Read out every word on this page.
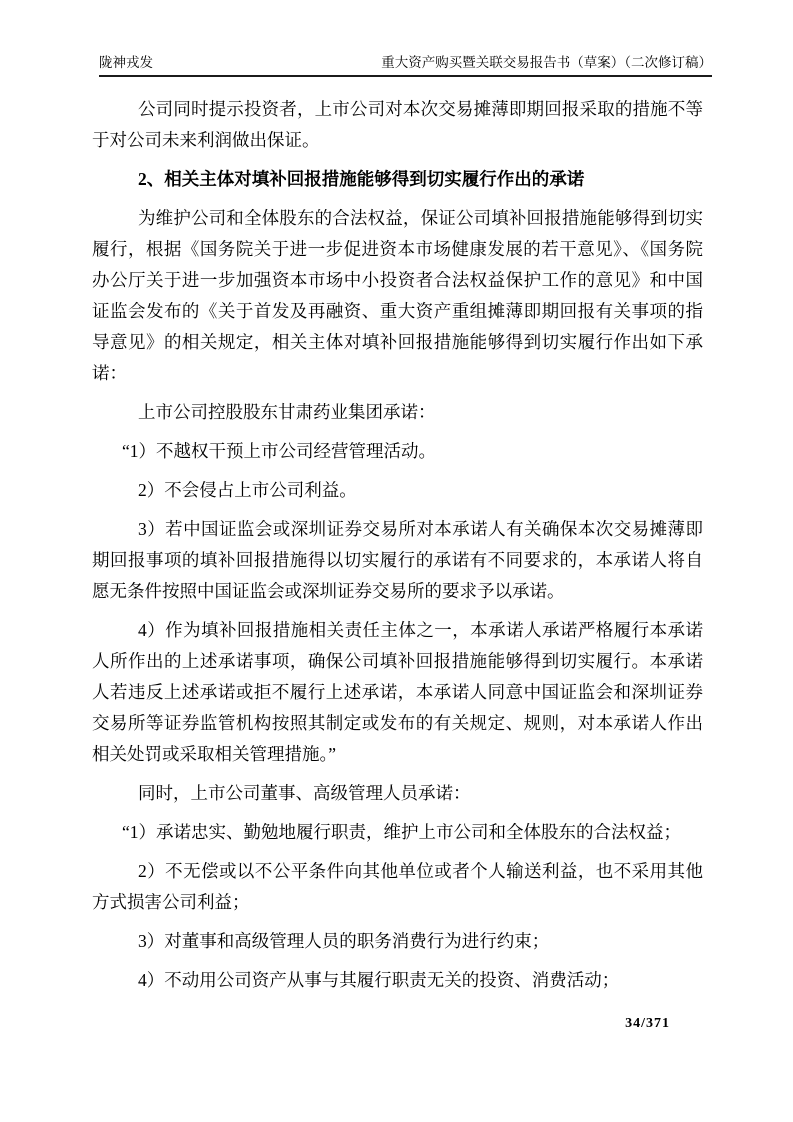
陇神戎发	重大资产购买暨关联交易报告书（草案）（二次修订稿）

公司同时提示投资者，上市公司对本次交易摊薄即期回报采取的措施不等于对公司未来利润做出保证。

2、相关主体对填补回报措施能够得到切实履行作出的承诺

为维护公司和全体股东的合法权益，保证公司填补回报措施能够得到切实履行，根据《国务院关于进一步促进资本市场健康发展的若干意见》、《国务院办公厅关于进一步加强资本市场中小投资者合法权益保护工作的意见》和中国证监会发布的《关于首发及再融资、重大资产重组摊薄即期回报有关事项的指导意见》的相关规定，相关主体对填补回报措施能够得到切实履行作出如下承诺：

上市公司控股股东甘肃药业集团承诺：

“1）不越权干预上市公司经营管理活动。

2）不会侵占上市公司利益。

3）若中国证监会或深圳证券交易所对本承诺人有关确保本次交易摊薄即期回报事项的填补回报措施得以切实履行的承诺有不同要求的，本承诺人将自愿无条件按照中国证监会或深圳证券交易所的要求予以承诺。

4）作为填补回报措施相关责任主体之一，本承诺人承诺严格履行本承诺人所作出的上述承诺事项，确保公司填补回报措施能够得到切实履行。本承诺人若违反上述承诺或拒不履行上述承诺，本承诺人同意中国证监会和深圳证券交易所等证券监管机构按照其制定或发布的有关规定、规则，对本承诺人作出相关处罚或采取相关管理措施。”

同时，上市公司董事、高级管理人员承诺：

“1）承诺忠实、勤勉地履行职责，维护上市公司和全体股东的合法权益；

2）不无偿或以不公平条件向其他单位或者个人输送利益，也不采用其他方式损害公司利益；

3）对董事和高级管理人员的职务消费行为进行约束；

4）不动用公司资产从事与其履行职责无关的投资、消费活动；

34/371
